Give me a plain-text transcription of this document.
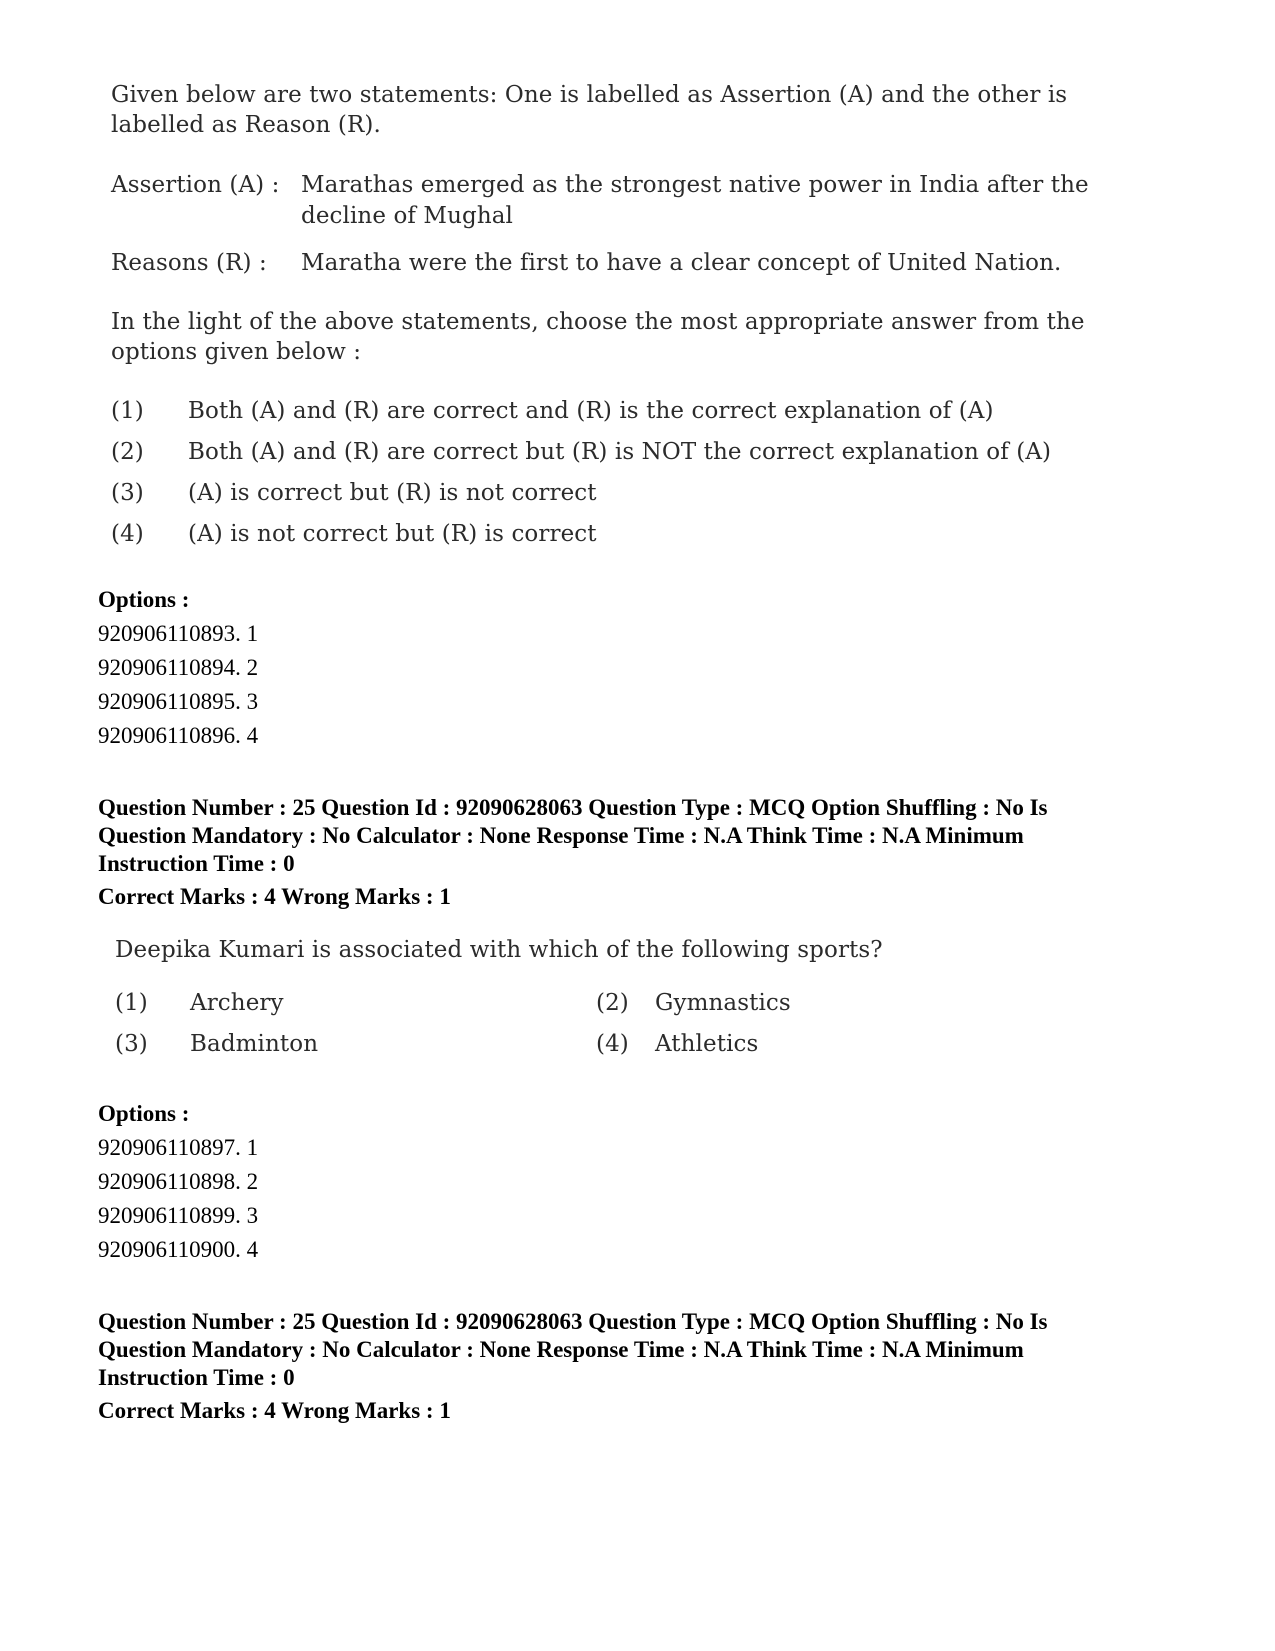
Given below are two statements: One is labelled as Assertion (A) and the other is
labelled as Reason (R).
Assertion (A) : Marathas emerged as the strongest native power in India after the
decline of Mughal
Reasons (R) : Maratha were the first to have a clear concept of United Nation.
In the light of the above statements, choose the most appropriate answer from the
options given below :
(1) Both (A) and (R) are correct and (R) is the correct explanation of (A)
(2) Both (A) and (R) are correct but (R) is NOT the correct explanation of (A)
(3) (A) is correct but (R) is not correct
(4) (A) is not correct but (R) is correct
Options :
920906110893. 1
920906110894. 2
920906110895. 3
920906110896. 4
Question Number : 25 Question Id : 92090628063 Question Type : MCQ Option Shuffling : No Is
Question Mandatory : No Calculator : None Response Time : N.A Think Time : N.A Minimum
Instruction Time : 0
Correct Marks : 4 Wrong Marks : 1
Deepika Kumari is associated with which of the following sports?
(1) Archery	(2) Gymnastics
(3) Badminton	(4) Athletics
Options :
920906110897. 1
920906110898. 2
920906110899. 3
920906110900. 4
Question Number : 25 Question Id : 92090628063 Question Type : MCQ Option Shuffling : No Is
Question Mandatory : No Calculator : None Response Time : N.A Think Time : N.A Minimum
Instruction Time : 0
Correct Marks : 4 Wrong Marks : 1
